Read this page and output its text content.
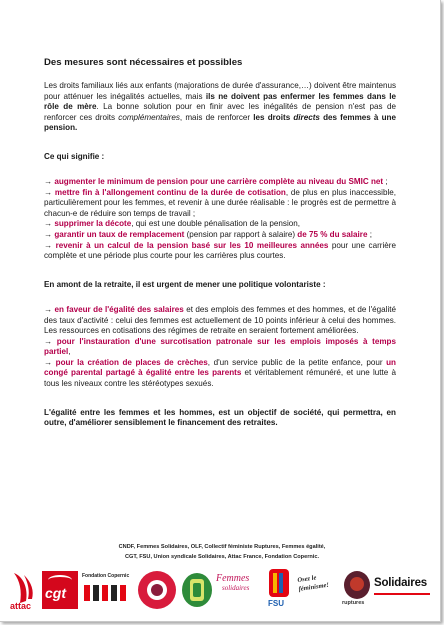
Des mesures sont nécessaires et possibles

Les droits familiaux liés aux enfants (majorations de durée d'assurance,…) doivent être maintenus pour atténuer les inégalités actuelles, mais ils ne doivent pas enfermer les femmes dans le rôle de mère. La bonne solution pour en finir avec les inégalités de pension n'est pas de renforcer ces droits complémentaires, mais de renforcer les droits directs des femmes à une pension.

Ce qui signifie :

→ augmenter le minimum de pension pour une carrière complète au niveau du SMIC net ;

→ mettre fin à l'allongement continu de la durée de cotisation, de plus en plus inaccessible, particulièrement pour les femmes, et revenir à une durée réalisable : le progrès est de permettre à chacun-e de réduire son temps de travail ;

→ supprimer la décote, qui est une double pénalisation de la pension,

→ garantir un taux de remplacement (pension par rapport à salaire) de 75 % du salaire ;

→ revenir à un calcul de la pension basé sur les 10 meilleures années pour une carrière complète et une période plus courte pour les carrières plus courtes.

En amont de la retraite, il est urgent de mener une politique volontariste :

→ en faveur de l'égalité des salaires et des emplois des femmes et des hommes, et de l'égalité des taux d'activité : celui des femmes est actuellement de 10 points inférieur à celui des hommes. Les ressources en cotisations des régimes de retraite en seraient fortement améliorées.

→ pour l'instauration d'une surcotisation patronale sur les emplois imposés à temps partiel,

→ pour la création de places de crèches, d'un service public de la petite enfance, pour un congé parental partagé à égalité entre les parents et véritablement rémunéré, et une lutte à tous les niveaux contre les stéréotypes sexués.

L'égalité entre les femmes et les hommes, est un objectif de société, qui permettra, en outre, d'améliorer sensiblement le financement des retraites.

CNDF, Femmes Solidaires, OLF, Collectif féministe Ruptures, Femmes égalité,
CGT, FSU, Union syndicale Solidaires, Attac France, Fondation Copernic.
attac
cgt
Fondation Copernic	Femmes
solidaires
FSU
Osez le féminisme!
ruptures
Solidaires
